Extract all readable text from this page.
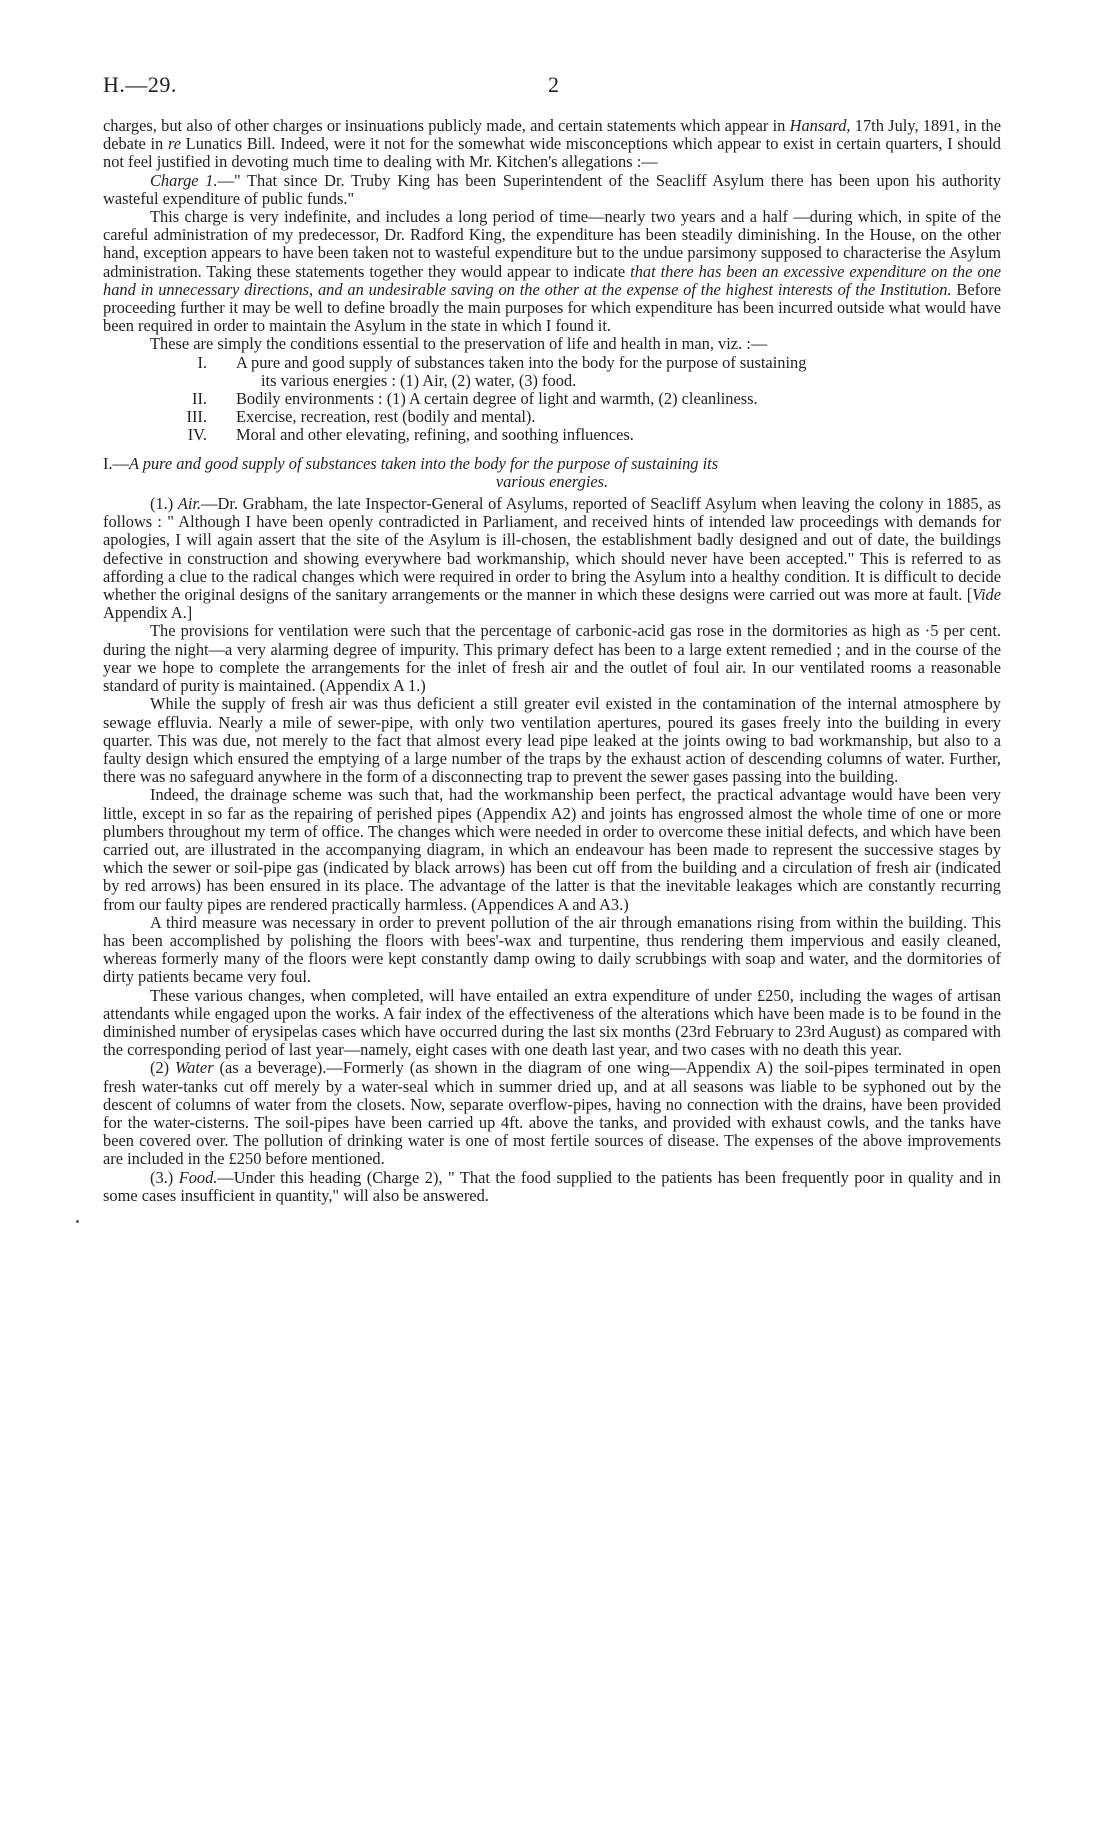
H.—29.	2

charges, but also of other charges or insinuations publicly made, and certain statements which appear in Hansard, 17th July, 1891, in the debate in re Lunatics Bill. Indeed, were it not for the somewhat wide misconceptions which appear to exist in certain quarters, I should not feel justified in devoting much time to dealing with Mr. Kitchen's allegations :—

Charge 1.—" That since Dr. Truby King has been Superintendent of the Seacliff Asylum there has been upon his authority wasteful expenditure of public funds."

This charge is very indefinite, and includes a long period of time—nearly two years and a half —during which, in spite of the careful administration of my predecessor, Dr. Radford King, the expenditure has been steadily diminishing. In the House, on the other hand, exception appears to have been taken not to wasteful expenditure but to the undue parsimony supposed to characterise the Asylum administration. Taking these statements together they would appear to indicate that there has been an excessive expenditure on the one hand in unnecessary directions, and an undesirable saving on the other at the expense of the highest interests of the Institution. Before proceeding further it may be well to define broadly the main purposes for which expenditure has been incurred outside what would have been required in order to maintain the Asylum in the state in which I found it.

These are simply the conditions essential to the preservation of life and health in man, viz. :—

I. A pure and good supply of substances taken into the body for the purpose of sustaining
its various energies : (1) Air, (2) water, (3) food.
II. Bodily environments : (1) A certain degree of light and warmth, (2) cleanliness.
III. Exercise, recreation, rest (bodily and mental).
IV. Moral and other elevating, refining, and soothing influences.

I.—A pure and good supply of substances taken into the body for the purpose of sustaining its

various energies.

(1.) Air.—Dr. Grabham, the late Inspector-General of Asylums, reported of Seacliff Asylum when leaving the colony in 1885, as follows : " Although I have been openly contradicted in Parliament, and received hints of intended law proceedings with demands for apologies, I will again assert that the site of the Asylum is ill-chosen, the establishment badly designed and out of date, the buildings defective in construction and showing everywhere bad workmanship, which should never have been accepted." This is referred to as affording a clue to the radical changes which were required in order to bring the Asylum into a healthy condition. It is difficult to decide whether the original designs of the sanitary arrangements or the manner in which these designs were carried out was more at fault. [Vide Appendix A.]

The provisions for ventilation were such that the percentage of carbonic-acid gas rose in the dormitories as high as ·5 per cent. during the night—a very alarming degree of impurity. This primary defect has been to a large extent remedied ; and in the course of the year we hope to complete the arrangements for the inlet of fresh air and the outlet of foul air. In our ventilated rooms a reasonable standard of purity is maintained. (Appendix A 1.)

While the supply of fresh air was thus deficient a still greater evil existed in the contamination of the internal atmosphere by sewage effluvia. Nearly a mile of sewer-pipe, with only two ventilation apertures, poured its gases freely into the building in every quarter. This was due, not merely to the fact that almost every lead pipe leaked at the joints owing to bad workmanship, but also to a faulty design which ensured the emptying of a large number of the traps by the exhaust action of descending columns of water. Further, there was no safeguard anywhere in the form of a disconnecting trap to prevent the sewer gases passing into the building.

Indeed, the drainage scheme was such that, had the workmanship been perfect, the practical advantage would have been very little, except in so far as the repairing of perished pipes (Appendix A2) and joints has engrossed almost the whole time of one or more plumbers throughout my term of office. The changes which were needed in order to overcome these initial defects, and which have been carried out, are illustrated in the accompanying diagram, in which an endeavour has been made to represent the successive stages by which the sewer or soil-pipe gas (indicated by black arrows) has been cut off from the building and a circulation of fresh air (indicated by red arrows) has been ensured in its place. The advantage of the latter is that the inevitable leakages which are constantly recurring from our faulty pipes are rendered practically harmless. (Appendices A and A3.)

A third measure was necessary in order to prevent pollution of the air through emanations rising from within the building. This has been accomplished by polishing the floors with bees'-wax and turpentine, thus rendering them impervious and easily cleaned, whereas formerly many of the floors were kept constantly damp owing to daily scrubbings with soap and water, and the dormitories of dirty patients became very foul.

These various changes, when completed, will have entailed an extra expenditure of under £250, including the wages of artisan attendants while engaged upon the works. A fair index of the effectiveness of the alterations which have been made is to be found in the diminished number of erysipelas cases which have occurred during the last six months (23rd February to 23rd August) as compared with the corresponding period of last year—namely, eight cases with one death last year, and two cases with no death this year.

(2) Water (as a beverage).—Formerly (as shown in the diagram of one wing—Appendix A) the soil-pipes terminated in open fresh water-tanks cut off merely by a water-seal which in summer dried up, and at all seasons was liable to be syphoned out by the descent of columns of water from the closets. Now, separate overflow-pipes, having no connection with the drains, have been provided for the water-cisterns. The soil-pipes have been carried up 4ft. above the tanks, and provided with exhaust cowls, and the tanks have been covered over. The pollution of drinking water is one of most fertile sources of disease. The expenses of the above improvements are included in the £250 before mentioned.

(3.) Food.—Under this heading (Charge 2), " That the food supplied to the patients has been frequently poor in quality and in some cases insufficient in quantity," will also be answered.
